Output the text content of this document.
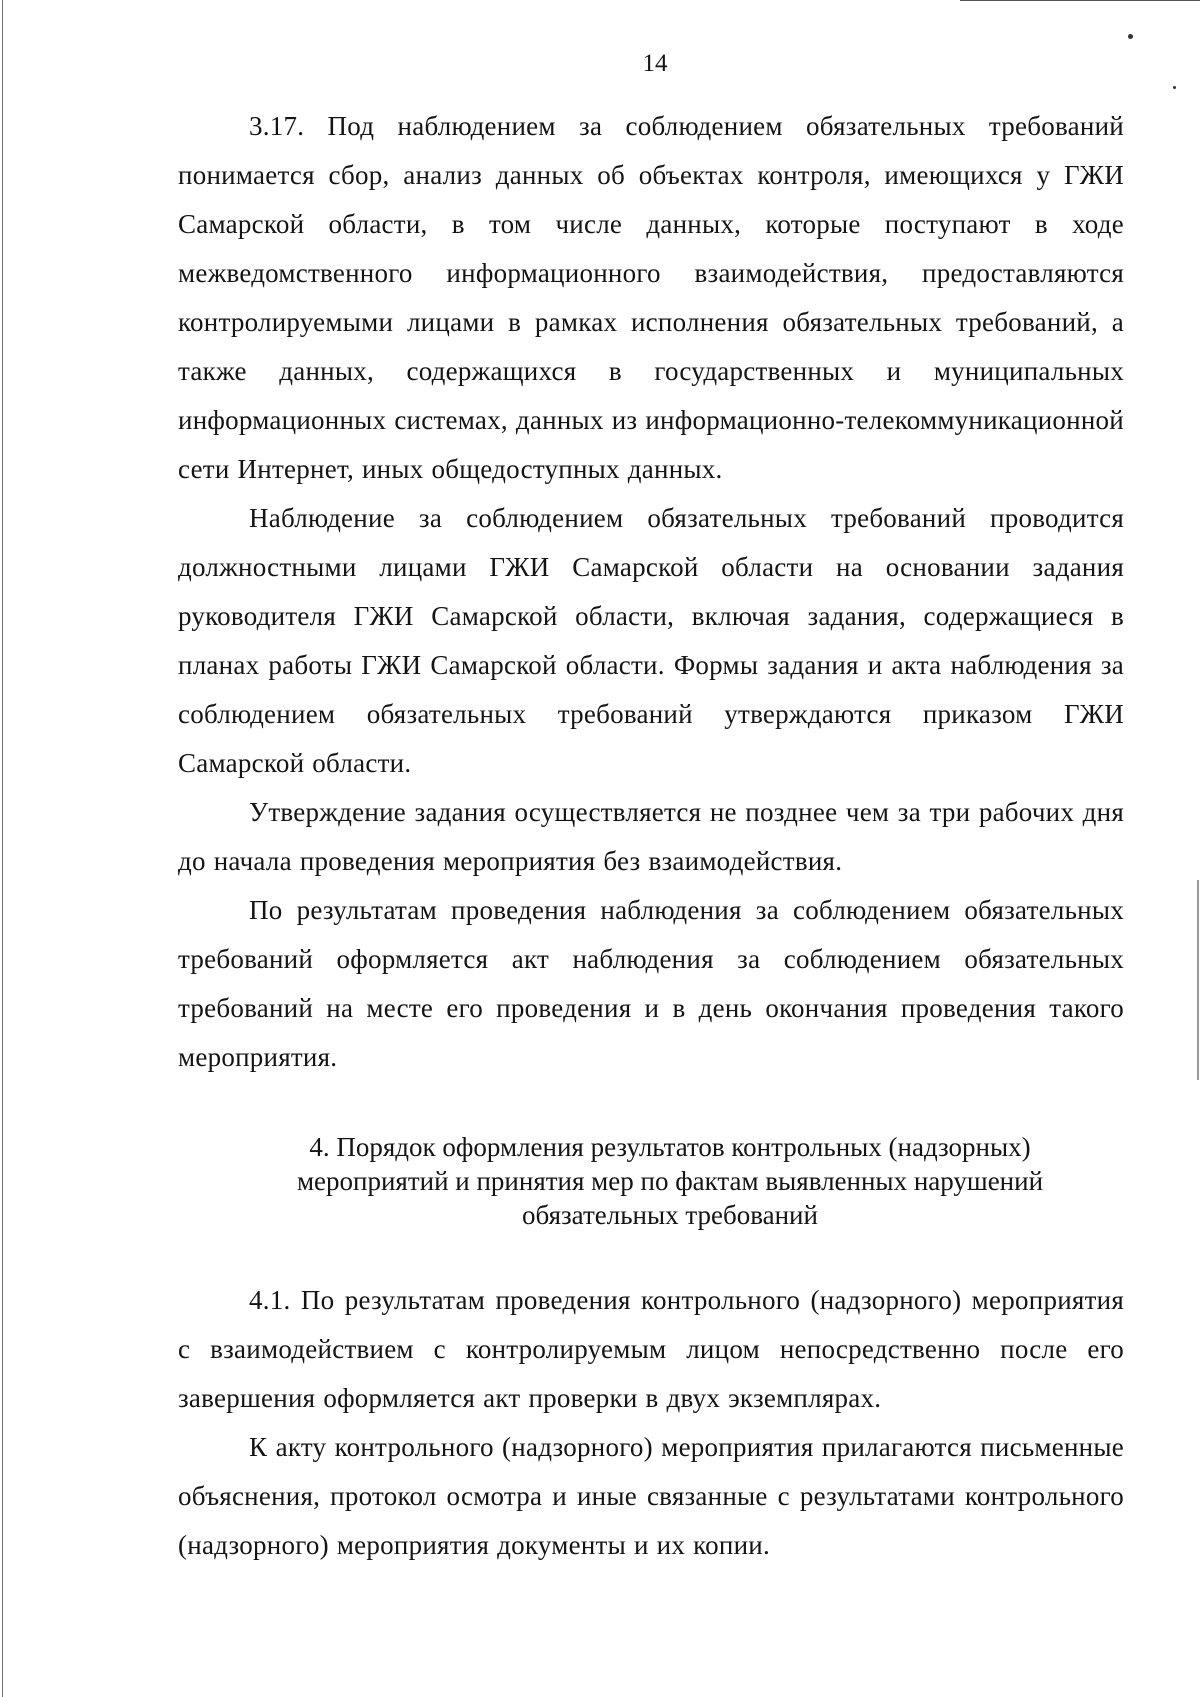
14

3.17. Под наблюдением за соблюдением обязательных требований понимается сбор, анализ данных об объектах контроля, имеющихся у ГЖИ Самарской области, в том числе данных, которые поступают в ходе межведомственного информационного взаимодействия, предоставляются контролируемыми лицами в рамках исполнения обязательных требований, а также данных, содержащихся в государственных и муниципальных информационных системах, данных из информационно-телекоммуникационной сети Интернет, иных общедоступных данных.

Наблюдение за соблюдением обязательных требований проводится должностными лицами ГЖИ Самарской области на основании задания руководителя ГЖИ Самарской области, включая задания, содержащиеся в планах работы ГЖИ Самарской области. Формы задания и акта наблюдения за соблюдением обязательных требований утверждаются приказом ГЖИ Самарской области.

Утверждение задания осуществляется не позднее чем за три рабочих дня до начала проведения мероприятия без взаимодействия.

По результатам проведения наблюдения за соблюдением обязательных требований оформляется акт наблюдения за соблюдением обязательных требований на месте его проведения и в день окончания проведения такого мероприятия.

4. Порядок оформления результатов контрольных (надзорных)
мероприятий и принятия мер по фактам выявленных нарушений
обязательных требований

4.1. По результатам проведения контрольного (надзорного) мероприятия с взаимодействием с контролируемым лицом непосредственно после его завершения оформляется акт проверки в двух экземплярах.

К акту контрольного (надзорного) мероприятия прилагаются письменные объяснения, протокол осмотра и иные связанные с результатами контрольного (надзорного) мероприятия документы и их копии.
